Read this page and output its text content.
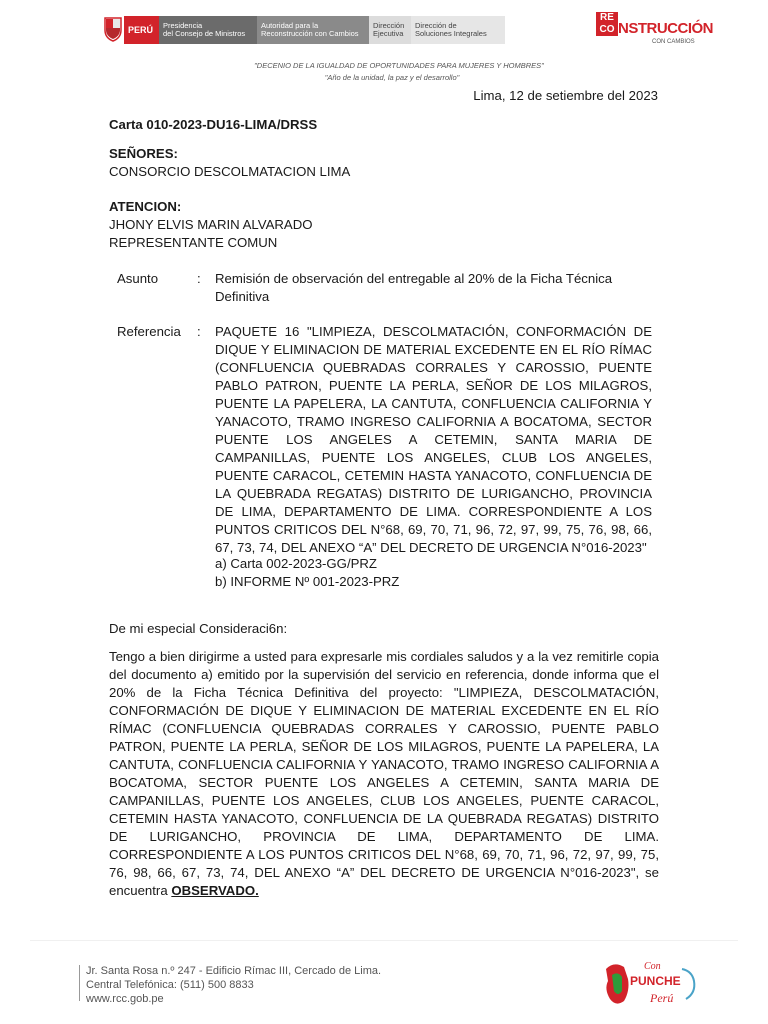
PERÚ	Presidencia
del Consejo de Ministros
Autoridad para la
Reconstrucción con Cambios
Dirección
Ejecutiva
Dirección de
Soluciones Integrales
RE CO NSTRUCCIÓN
CON CAMBIOS
"DECENIO DE LA IGUALDAD DE OPORTUNIDADES PARA MUJERES Y HOMBRES"
"Año de la unidad, la paz y el desarrollo"
Lima, 12 de setiembre del 2023
Carta 010-2023-DU16-LIMA/DRSS
SEÑORES:
CONSORCIO DESCOLMATACION LIMA
ATENCION:
JHONY ELVIS MARIN ALVARADO
REPRESENTANTE COMUN
Asunto	: Remisión de observación del entregable al 20% de la Ficha Técnica Definitiva
Referencia : PAQUETE 16 "LIMPIEZA, DESCOLMATACIÓN, CONFORMACIÓN DE DIQUE Y ELIMINACION DE MATERIAL EXCEDENTE EN EL RÍO RÍMAC (CONFLUENCIA QUEBRADAS CORRALES Y CAROSSIO, PUENTE PABLO PATRON, PUENTE LA PERLA, SEÑOR DE LOS MILAGROS, PUENTE LA PAPELERA, LA CANTUTA, CONFLUENCIA CALIFORNIA Y YANACOTO, TRAMO INGRESO CALIFORNIA A BOCATOMA, SECTOR PUENTE LOS ANGELES A CETEMIN, SANTA MARIA DE CAMPANILLAS, PUENTE LOS ANGELES, CLUB LOS ANGELES, PUENTE CARACOL, CETEMIN HASTA YANACOTO, CONFLUENCIA DE LA QUEBRADA REGATAS) DISTRITO DE LURIGANCHO, PROVINCIA DE LIMA, DEPARTAMENTO DE LIMA. CORRESPONDIENTE A LOS PUNTOS CRITICOS DEL N°68, 69, 70, 71, 96, 72, 97, 99, 75, 76, 98, 66, 67, 73, 74, DEL ANEXO “A” DEL DECRETO DE URGENCIA N°016-2023"
a) Carta 002-2023-GG/PRZ
b) INFORME Nº 001-2023-PRZ
De mi especial Consideraci6n:
Tengo a bien dirigirme a usted para expresarle mis cordiales saludos y a la vez remitirle copia del documento a) emitido por la supervisión del servicio en referencia, donde informa que el 20% de la Ficha Técnica Definitiva del proyecto: "LIMPIEZA, DESCOLMATACIÓN, CONFORMACIÓN DE DIQUE Y ELIMINACION DE MATERIAL EXCEDENTE EN EL RÍO RÍMAC (CONFLUENCIA QUEBRADAS CORRALES Y CAROSSIO, PUENTE PABLO PATRON, PUENTE LA PERLA, SEÑOR DE LOS MILAGROS, PUENTE LA PAPELERA, LA CANTUTA, CONFLUENCIA CALIFORNIA Y YANACOTO, TRAMO INGRESO CALIFORNIA A BOCATOMA, SECTOR PUENTE LOS ANGELES A CETEMIN, SANTA MARIA DE CAMPANILLAS, PUENTE LOS ANGELES, CLUB LOS ANGELES, PUENTE CARACOL, CETEMIN HASTA YANACOTO, CONFLUENCIA DE LA QUEBRADA REGATAS) DISTRITO DE LURIGANCHO, PROVINCIA DE LIMA, DEPARTAMENTO DE LIMA. CORRESPONDIENTE A LOS PUNTOS CRITICOS DEL N°68, 69, 70, 71, 96, 72, 97, 99, 75, 76, 98, 66, 67, 73, 74, DEL ANEXO “A” DEL DECRETO DE URGENCIA N°016-2023", se encuentra OBSERVADO.
Jr. Santa Rosa n.º 247 - Edificio Rímac III, Cercado de Lima.
Central Telefónica: (511) 500 8833
www.rcc.gob.pe
Con
PUNCHE
Perú
